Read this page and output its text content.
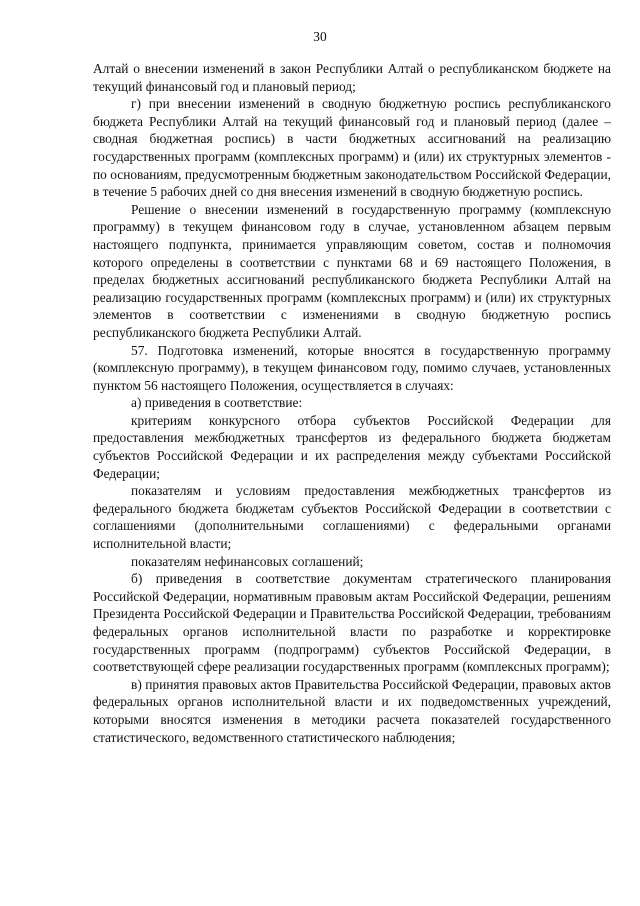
30

Алтай о внесении изменений в закон Республики Алтай о республиканском бюджете на текущий финансовый год и плановый период;

г) при внесении изменений в сводную бюджетную роспись республиканского бюджета Республики Алтай на текущий финансовый год и плановый период (далее – сводная бюджетная роспись) в части бюджетных ассигнований на реализацию государственных программ (комплексных программ) и (или) их структурных элементов - по основаниям, предусмотренным бюджетным законодательством Российской Федерации, в течение 5 рабочих дней со дня внесения изменений в сводную бюджетную роспись.

Решение о внесении изменений в государственную программу (комплексную программу) в текущем финансовом году в случае, установленном абзацем первым настоящего подпункта, принимается управляющим советом, состав и полномочия которого определены в соответствии с пунктами 68 и 69 настоящего Положения, в пределах бюджетных ассигнований республиканского бюджета Республики Алтай на реализацию государственных программ (комплексных программ) и (или) их структурных элементов в соответствии с изменениями в сводную бюджетную роспись республиканского бюджета Республики Алтай.

57. Подготовка изменений, которые вносятся в государственную программу (комплексную программу), в текущем финансовом году, помимо случаев, установленных пунктом 56 настоящего Положения, осуществляется в случаях:

а) приведения в соответствие:

критериям конкурсного отбора субъектов Российской Федерации для предоставления межбюджетных трансфертов из федерального бюджета бюджетам субъектов Российской Федерации и их распределения между субъектами Российской Федерации;

показателям и условиям предоставления межбюджетных трансфертов из федерального бюджета бюджетам субъектов Российской Федерации в соответствии с соглашениями (дополнительными соглашениями) с федеральными органами исполнительной власти;

показателям нефинансовых соглашений;

б) приведения в соответствие документам стратегического планирования Российской Федерации, нормативным правовым актам Российской Федерации, решениям Президента Российской Федерации и Правительства Российской Федерации, требованиям федеральных органов исполнительной власти по разработке и корректировке государственных программ (подпрограмм) субъектов Российской Федерации, в соответствующей сфере реализации государственных программ (комплексных программ);

в) принятия правовых актов Правительства Российской Федерации, правовых актов федеральных органов исполнительной власти и их подведомственных учреждений, которыми вносятся изменения в методики расчета показателей государственного статистического, ведомственного статистического наблюдения;
